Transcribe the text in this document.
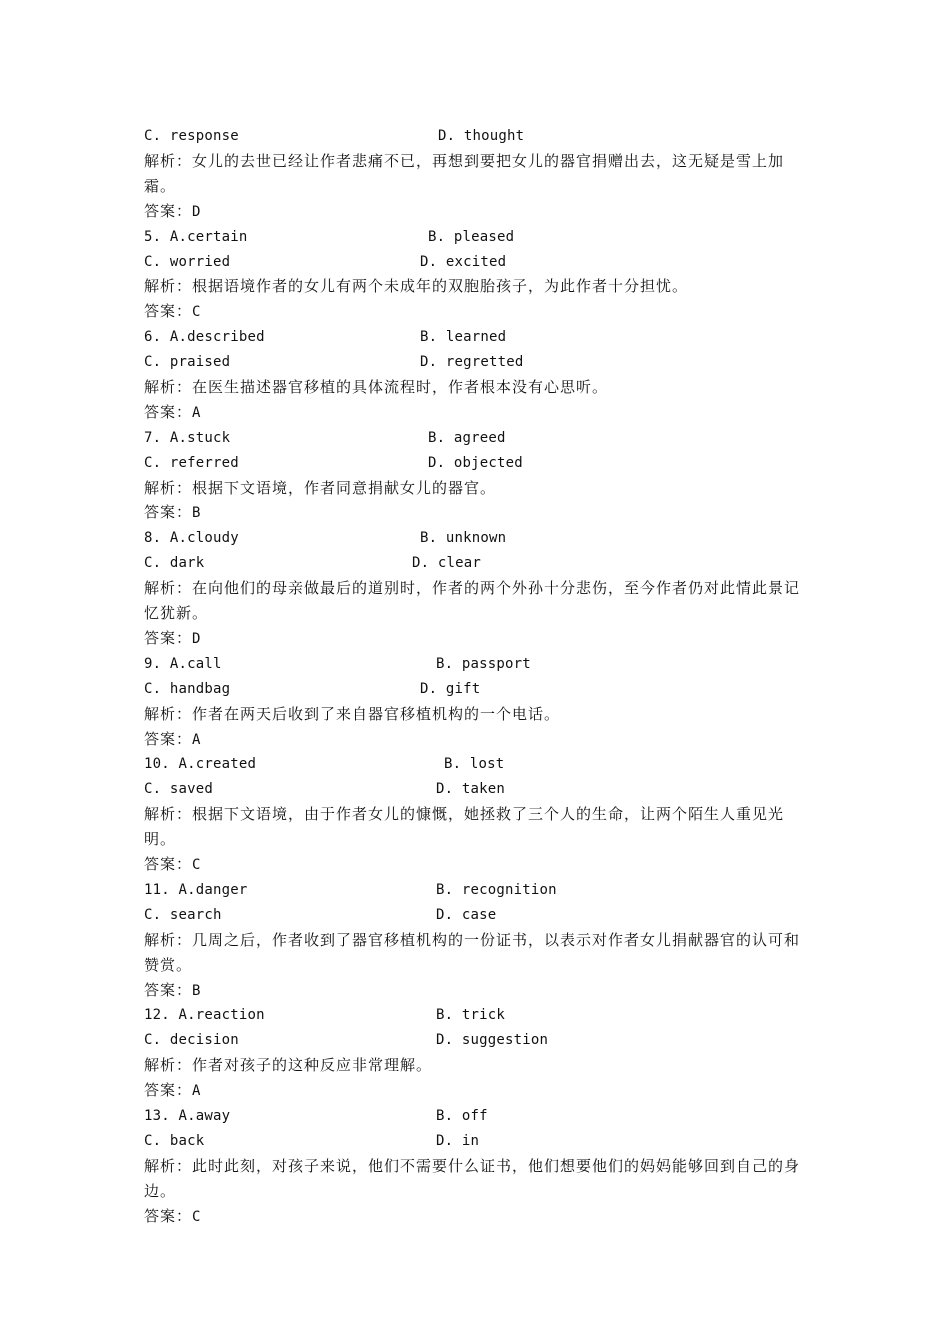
C. response	D. thought
解析：女儿的去世已经让作者悲痛不已，再想到要把女儿的器官捐赠出去，这无疑是雪上加霜。
答案：D
5. A.certain	B. pleased
C. worried	D. excited
解析：根据语境作者的女儿有两个未成年的双胞胎孩子，为此作者十分担忧。
答案：C
6. A.described	B. learned
C. praised	D. regretted
解析：在医生描述器官移植的具体流程时，作者根本没有心思听。
答案：A
7. A.stuck	B. agreed
C. referred	D. objected
解析：根据下文语境，作者同意捐献女儿的器官。
答案：B
8. A.cloudy	B. unknown
C. dark	D. clear
解析：在向他们的母亲做最后的道别时，作者的两个外孙十分悲伤，至今作者仍对此情此景记忆犹新。
答案：D
9. A.call	B. passport
C. handbag	D. gift
解析：作者在两天后收到了来自器官移植机构的一个电话。
答案：A
10. A.created	B. lost
C. saved	D. taken
解析：根据下文语境，由于作者女儿的慷慨，她拯救了三个人的生命，让两个陌生人重见光明。
答案：C
11. A.danger	B. recognition
C. search	D. case
解析：几周之后，作者收到了器官移植机构的一份证书，以表示对作者女儿捐献器官的认可和赞赏。
答案：B
12. A.reaction	B. trick
C. decision	D. suggestion
解析：作者对孩子的这种反应非常理解。
答案：A
13. A.away	B. off
C. back	D. in
解析：此时此刻，对孩子来说，他们不需要什么证书，他们想要他们的妈妈能够回到自己的身边。
答案：C
